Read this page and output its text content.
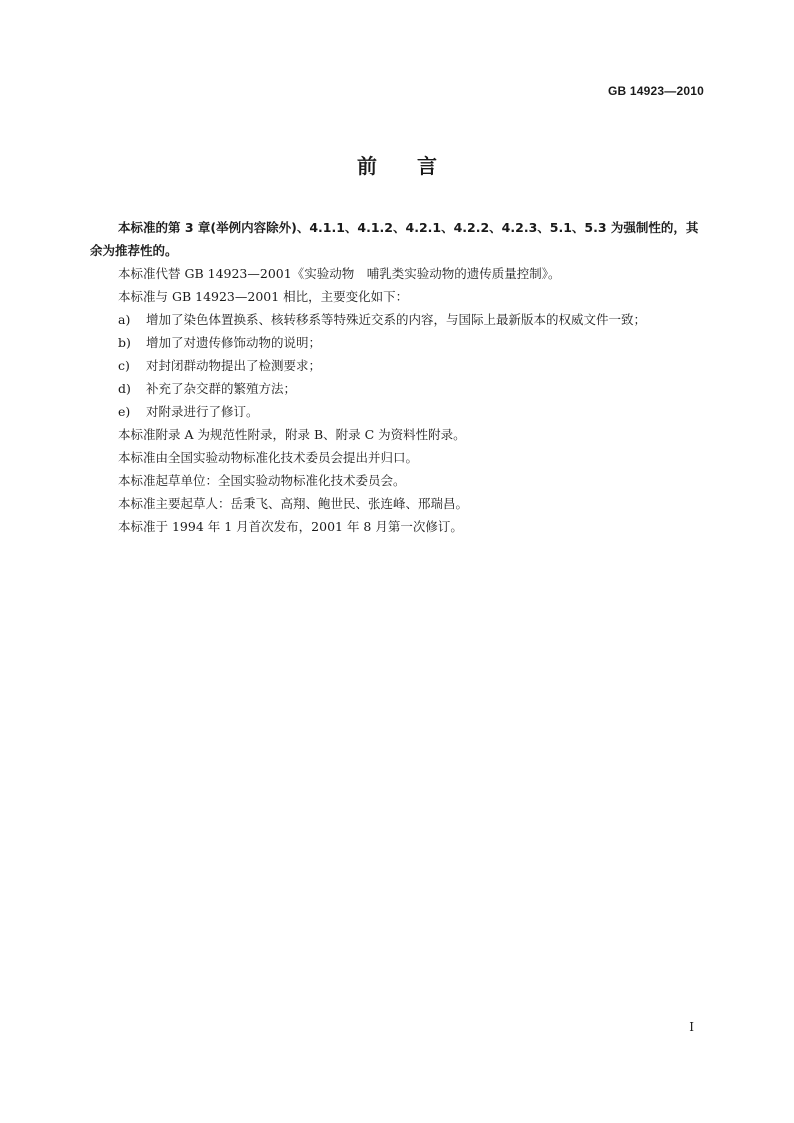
GB 14923—2010
前　　言

本标准的第 3 章(举例内容除外)、4.1.1、4.1.2、4.2.1、4.2.2、4.2.3、5.1、5.3 为强制性的，其余为推荐性的。

本标准代替 GB 14923—2001《实验动物　哺乳类实验动物的遗传质量控制》。

本标准与 GB 14923—2001 相比，主要变化如下：

a)	增加了染色体置换系、核转移系等特殊近交系的内容，与国际上最新版本的权威文件一致；
b)	增加了对遗传修饰动物的说明；
c)	对封闭群动物提出了检测要求；
d)	补充了杂交群的繁殖方法；
e)	对附录进行了修订。

本标准附录 A 为规范性附录，附录 B、附录 C 为资料性附录。

本标准由全国实验动物标准化技术委员会提出并归口。

本标准起草单位：全国实验动物标准化技术委员会。

本标准主要起草人：岳秉飞、高翔、鲍世民、张连峰、邢瑞昌。

本标准于 1994 年 1 月首次发布，2001 年 8 月第一次修订。

I
